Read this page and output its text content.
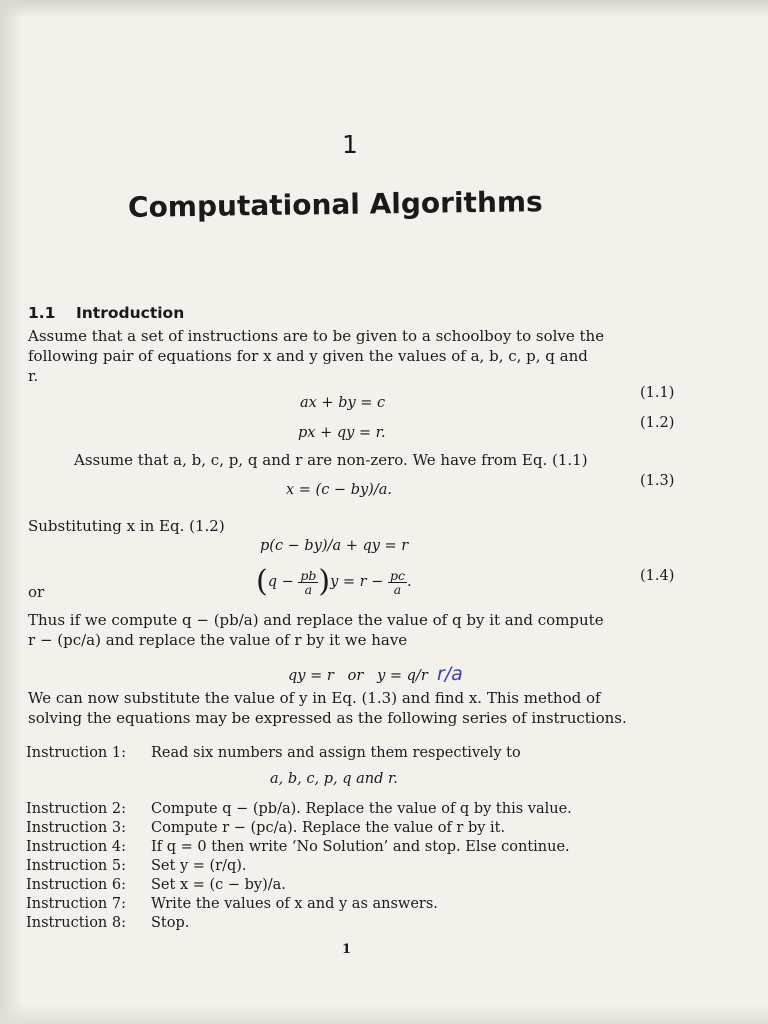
1
Computational Algorithms
1.1 Introduction
Assume that a set of instructions are to be given to a schoolboy to solve the
following pair of equations for x and y given the values of a, b, c, p, q and
r.
ax + by = c
(1.1)
px + qy = r.
(1.2)
Assume that a, b, c, p, q and r are non-zero. We have from Eq. (1.1)
x = (c − by)/a.
(1.3)
Substituting x in Eq. (1.2)
p(c − by)/a + qy = r
or	$(q - \frac{pb}{a} )y = r - \frac{pc}{a}$ .	(1.4)
Thus if we compute q − (pb/a) and replace the value of q by it and compute
r − (pc/a) and replace the value of r by it we have
qy = r   or   y = q/r r/a
We can now substitute the value of y in Eq. (1.3) and find x. This method of
solving the equations may be expressed as the following series of instructions.
Instruction 1: Read six numbers and assign them respectively to
a, b, c, p, q and r.
Instruction 2: Compute q − (pb/a). Replace the value of q by this value.
Instruction 3: Compute r − (pc/a). Replace the value of r by it.
Instruction 4: If q = 0 then write ‘No Solution’ and stop. Else continue.
Instruction 5: Set y = (r/q).
Instruction 6: Set x = (c − by)/a.
Instruction 7: Write the values of x and y as answers.
Instruction 8: Stop.
1
